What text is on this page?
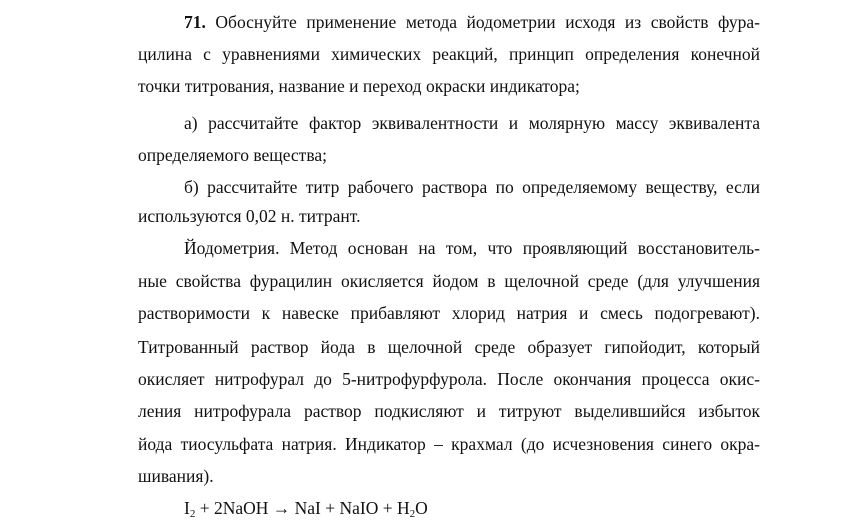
71. Обоснуйте применение метода йодометрии исходя из свойств фура-
цилина с уравнениями химических реакций, принцип определения конечной
точки титрования, название и переход окраски индикатора;
а) рассчитайте фактор эквивалентности и молярную массу эквивалента
определяемого вещества;
б) рассчитайте титр рабочего раствора по определяемому веществу, если
используются 0,02 н. титрант.
Йодометрия. Метод основан на том, что проявляющий восстановитель-
ные свойства фурацилин окисляется йодом в щелочной среде (для улучшения
растворимости к навеске прибавляют хлорид натрия и смесь подогревают).
Титрованный раствор йода в щелочной среде образует гипойодит, который
окисляет нитрофурал до 5-нитрофурфурола. После окончания процесса окис-
ления нитрофурала раствор подкисляют и титруют выделившийся избыток
йода тиосульфата натрия. Индикатор – крахмал (до исчезновения синего окра-
шивания).
$I_2$ + 2NaOH → NaI + NaIO + $H_2O$
